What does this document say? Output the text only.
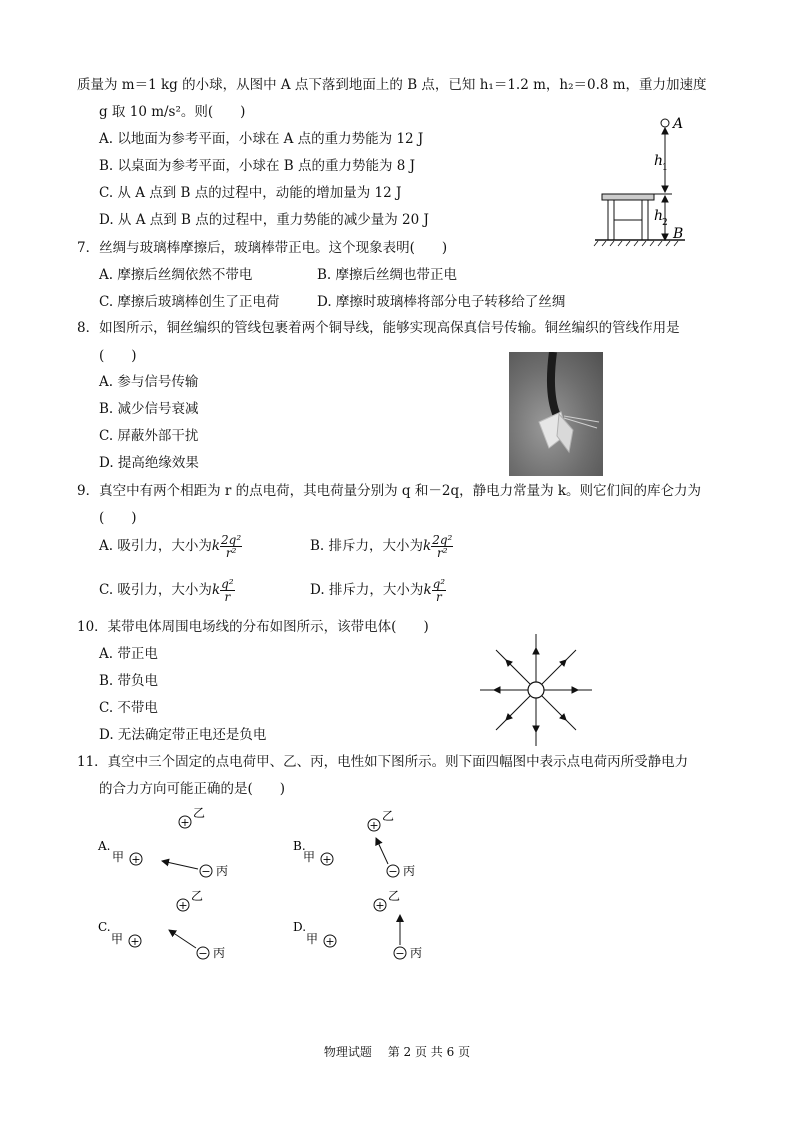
质量为 m＝1 kg 的小球，从图中 A 点下落到地面上的 B 点，已知 h₁＝1.2 m，h₂＝0.8 m，重力加速度
g 取 10 m/s²。则(　　)
A. 以地面为参考平面，小球在 A 点的重力势能为 12 J
B. 以桌面为参考平面，小球在 B 点的重力势能为 8 J
C. 从 A 点到 B 点的过程中，动能的增加量为 12 J
D. 从 A 点到 B 点的过程中，重力势能的减少量为 20 J
A
h
1
h
2
B
7．丝绸与玻璃棒摩擦后，玻璃棒带正电。这个现象表明(　　)
A. 摩擦后丝绸依然不带电	B. 摩擦后丝绸也带正电
C. 摩擦后玻璃棒创生了正电荷	D. 摩擦时玻璃棒将部分电子转移给了丝绸
8．如图所示，铜丝编织的管线包裹着两个铜导线，能够实现高保真信号传输。铜丝编织的管线作用是
(　　)
A. 参与信号传输
B. 减少信号衰减
C. 屏蔽外部干扰
D. 提高绝缘效果
9．真空中有两个相距为 r 的点电荷，其电荷量分别为 q 和－2q，静电力常量为 k。则它们间的库仑力为
(　　)
A. 吸引力，大小为k $\frac{\text{2q²}}{\text{r²}}$	B. 排斥力，大小为k $\frac{\text{2q²}}{\text{r²}}$
C. 吸引力，大小为k $\frac{\text{q²}}{r}$	D. 排斥力，大小为k $\frac{\text{q²}}{r}$
10．某带电体周围电场线的分布如图所示，该带电体(　　)
A. 带正电
B. 带负电
C. 不带电
D. 无法确定带正电还是负电
11．真空中三个固定的点电荷甲、乙、丙，电性如下图所示。则下面四幅图中表示点电荷丙所受静电力
的合力方向可能正确的是(　　)
+
+
−
+
+
−
+
+
−
+
+
−
A.	B.
C.	D.
乙
甲
丙
乙
甲
丙
乙
甲
丙
乙
甲
丙
物理试题　 第 2 页 共 6 页
